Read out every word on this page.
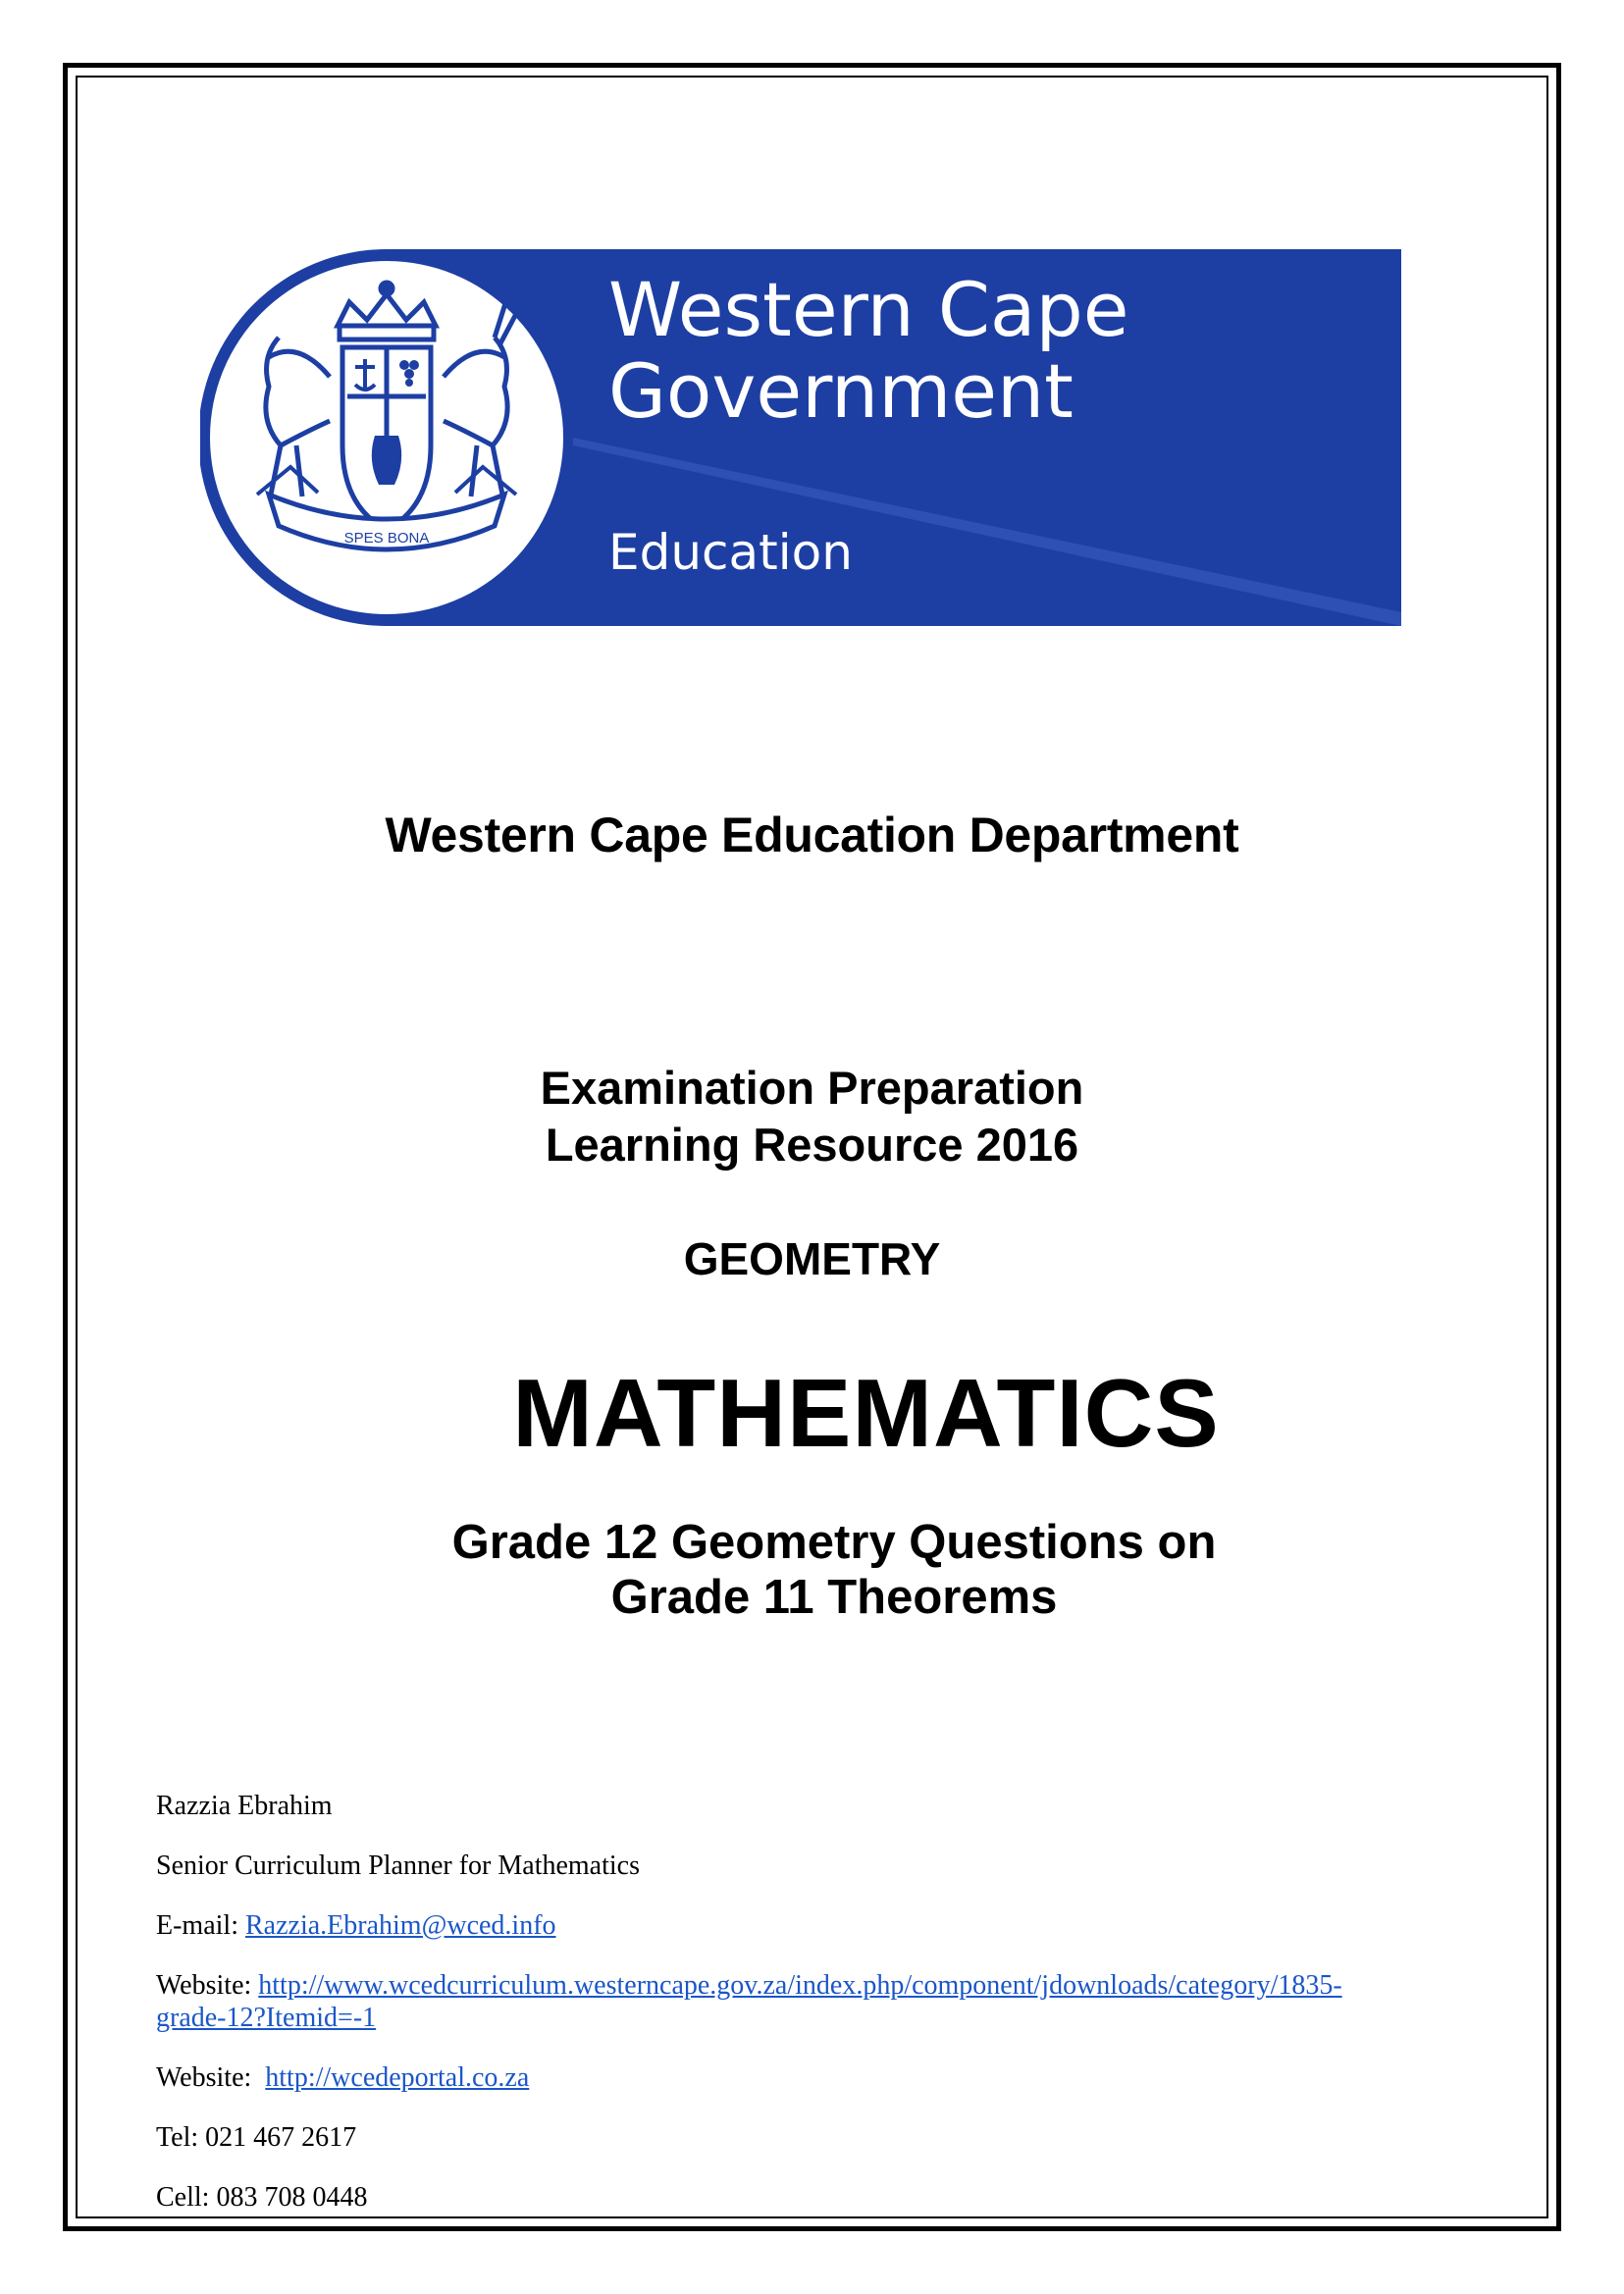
SPES BONA
Western Cape
Government
Education
Western Cape Education Department
Examination Preparation
Learning Resource 2016
GEOMETRY
MATHEMATICS
Grade 12 Geometry Questions on
Grade 11 Theorems
Razzia Ebrahim
Senior Curriculum Planner for Mathematics
E-mail: Razzia.Ebrahim@wced.info
Website: http://www.wcedcurriculum.westerncape.gov.za/index.php/component/jdownloads/category/1835-
grade-12?Itemid=-1
Website:  http://wcedeportal.co.za
Tel: 021 467 2617
Cell: 083 708 0448
